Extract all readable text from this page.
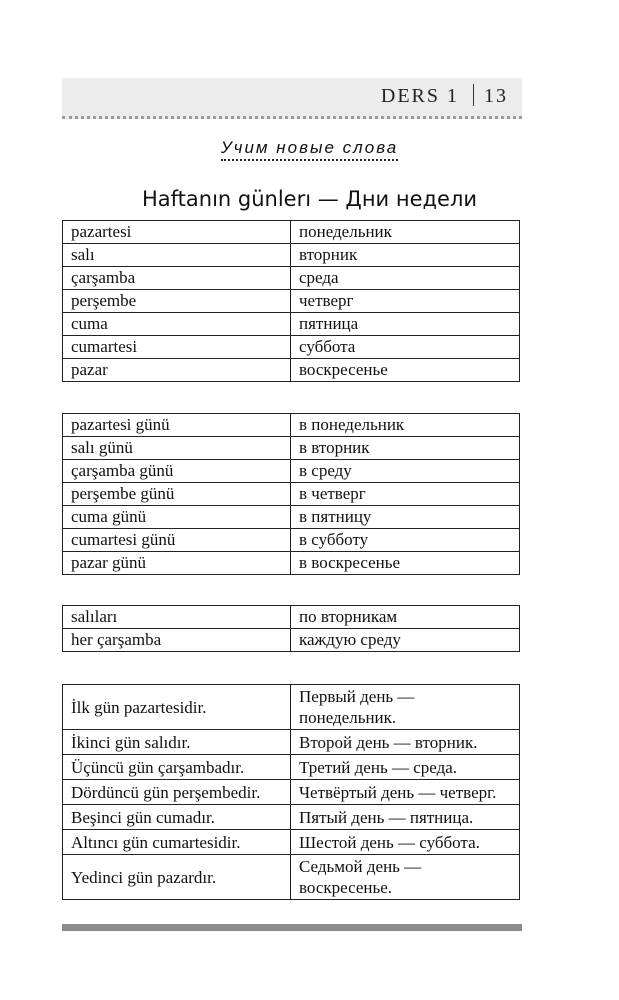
DERS 1 13
Учим новые слова
Haftanın günlerı — Дни недели
pazartesi	понедельник
salı	вторник
çarşamba	среда
perşembe	четверг
cuma	пятница
cumartesi	суббота
pazar	воскресенье
pazartesi günü	в понедельник
salı günü	в вторник
çarşamba günü	в среду
perşembe günü	в четверг
cuma günü	в пятницу
cumartesi günü	в субботу
pazar günü	в воскресенье
salıları	по вторникам
her çarşamba	каждую среду
İlk gün pazartesidir.	Первый день — понедельник.
İkinci gün salıdır.	Второй день — вторник.
Üçüncü gün çarşambadır.	Третий день — среда.
Dördüncü gün perşembedir.	Четвёртый день — четверг.
Beşinci gün cumadır.	Пятый день — пятница.
Altıncı gün cumartesidir.	Шестой день — суббота.
Yedinci gün pazardır.	Седьмой день — воскресенье.
